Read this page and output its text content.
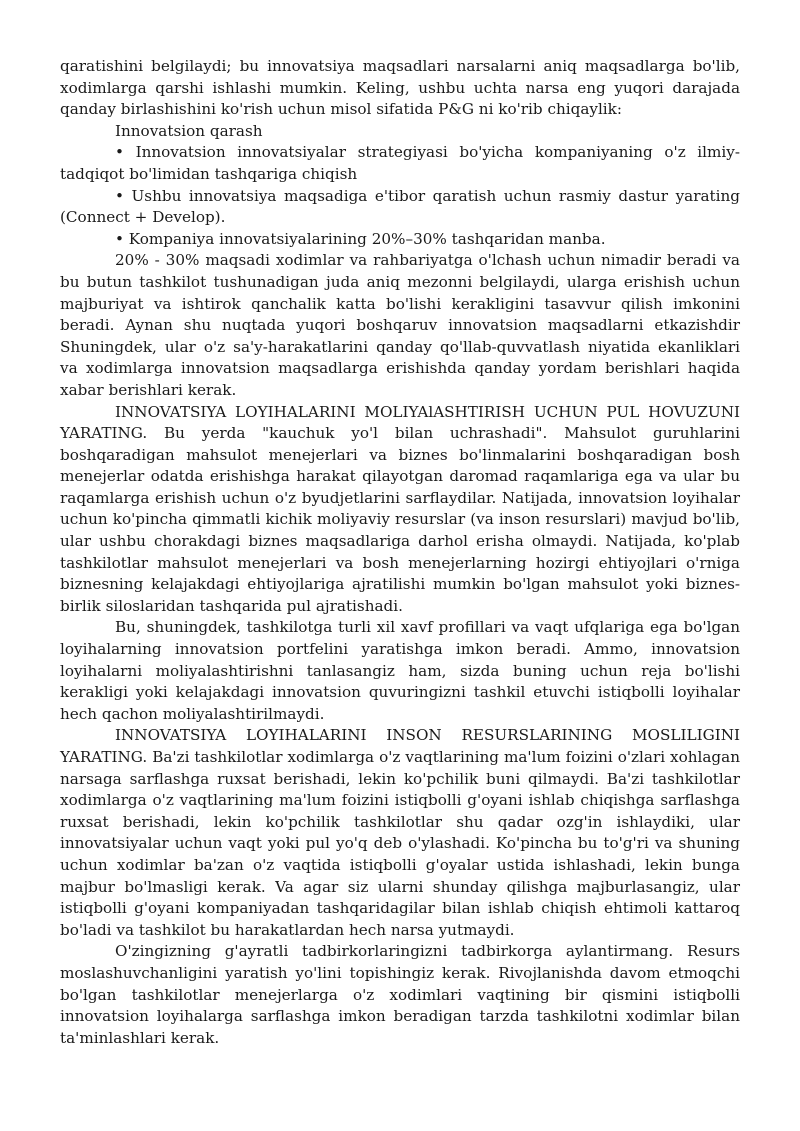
qaratishini belgilaydi; bu innovatsiya maqsadlari narsalarni aniq maqsadlarga bo'lib, xodimlarga qarshi ishlashi mumkin. Keling, ushbu uchta narsa eng yuqori darajada qanday birlashishini ko'rish uchun misol sifatida P&G ni ko'rib chiqaylik:

Innovatsion qarash

• Innovatsion innovatsiyalar strategiyasi bo'yicha kompaniyaning o'z ilmiy-tadqiqot bo'limidan tashqariga chiqish

• Ushbu innovatsiya maqsadiga e'tibor qaratish uchun rasmiy dastur yarating (Connect + Develop).

• Kompaniya innovatsiyalarining 20%–30% tashqaridan manba.

20% - 30% maqsadi xodimlar va rahbariyatga o'lchash uchun nimadir beradi va bu butun tashkilot tushunadigan juda aniq mezonni belgilaydi, ularga erishish uchun majburiyat va ishtirok qanchalik katta bo'lishi kerakligini tasavvur qilish imkonini beradi. Aynan shu nuqtada yuqori boshqaruv innovatsion maqsadlarni etkazishdir Shuningdek, ular o'z sa'y-harakatlarini qanday qo'llab-quvvatlash niyatida ekanliklari va xodimlarga innovatsion maqsadlarga erishishda qanday yordam berishlari haqida xabar berishlari kerak.

INNOVATSIYA LOYIHALARINI MOLIYAlASHTIRISH UCHUN PUL HOVUZUNI YARATING. Bu yerda "kauchuk yo'l bilan uchrashadi". Mahsulot guruhlarini boshqaradigan mahsulot menejerlari va biznes bo'linmalarini boshqaradigan bosh menejerlar odatda erishishga harakat qilayotgan daromad raqamlariga ega va ular bu raqamlarga erishish uchun o'z byudjetlarini sarflaydilar. Natijada, innovatsion loyihalar uchun ko'pincha qimmatli kichik moliyaviy resurslar (va inson resurslari) mavjud bo'lib, ular ushbu chorakdagi biznes maqsadlariga darhol erisha olmaydi. Natijada, ko'plab tashkilotlar mahsulot menejerlari va bosh menejerlarning hozirgi ehtiyojlari o'rniga biznesning kelajakdagi ehtiyojlariga ajratilishi mumkin bo'lgan mahsulot yoki biznes-birlik siloslaridan tashqarida pul ajratishadi.

Bu, shuningdek, tashkilotga turli xil xavf profillari va vaqt ufqlariga ega bo'lgan loyihalarning innovatsion portfelini yaratishga imkon beradi. Ammo, innovatsion loyihalarni moliyalashtirishni tanlasangiz ham, sizda buning uchun reja bo'lishi kerakligi yoki kelajakdagi innovatsion quvuringizni tashkil etuvchi istiqbolli loyihalar hech qachon moliyalashtirilmaydi.

INNOVATSIYA LOYIHALARINI INSON RESURSLARINING MOSLILIGINI YARATING. Ba'zi tashkilotlar xodimlarga o'z vaqtlarining ma'lum foizini o'zlari xohlagan narsaga sarflashga ruxsat berishadi, lekin ko'pchilik buni qilmaydi. Ba'zi tashkilotlar xodimlarga o'z vaqtlarining ma'lum foizini istiqbolli g'oyani ishlab chiqishga sarflashga ruxsat berishadi, lekin ko'pchilik tashkilotlar shu qadar ozg'in ishlaydiki, ular innovatsiyalar uchun vaqt yoki pul yo'q deb o'ylashadi. Ko'pincha bu to'g'ri va shuning uchun xodimlar ba'zan o'z vaqtida istiqbolli g'oyalar ustida ishlashadi, lekin bunga majbur bo'lmasligi kerak. Va agar siz ularni shunday qilishga majburlasangiz, ular istiqbolli g'oyani kompaniyadan tashqaridagilar bilan ishlab chiqish ehtimoli kattaroq bo'ladi va tashkilot bu harakatlardan hech narsa yutmaydi.

O'zingizning g'ayratli tadbirkorlaringizni tadbirkorga aylantirmang. Resurs moslashuvchanligini yaratish yo'lini topishingiz kerak. Rivojlanishda davom etmoqchi bo'lgan tashkilotlar menejerlarga o'z xodimlari vaqtining bir qismini istiqbolli innovatsion loyihalarga sarflashga imkon beradigan tarzda tashkilotni xodimlar bilan ta'minlashlari kerak.
